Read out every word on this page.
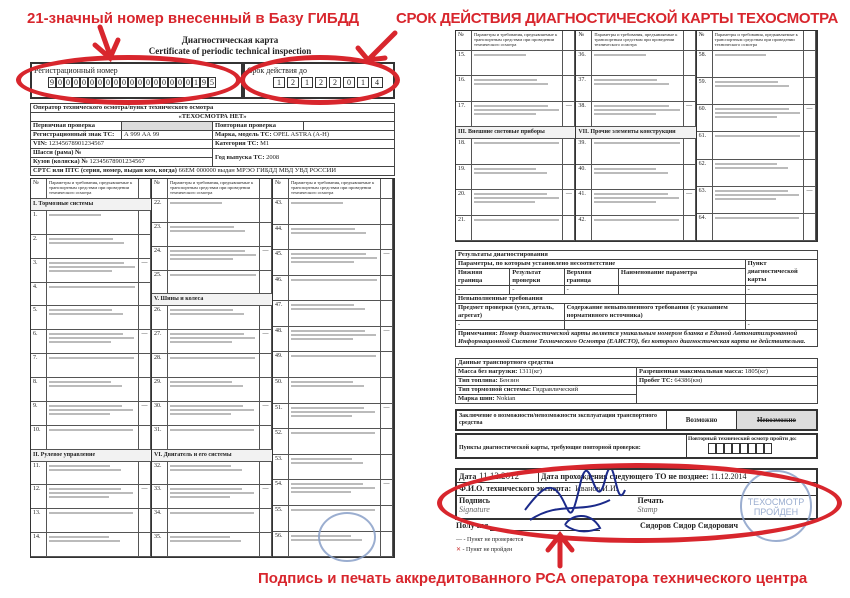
21-значный номер внесенный в Базу ГИБДД СРОК ДЕЙСТВИЯ ДИАГНОСТИЧЕСКОЙ КАРТЫ ТЕХОСМОТРА
Подпись и печать аккредитованного РСА оператора технического центра
Диагностическая карта
Certificate of periodic technical inspection
Регистрационный номер
9 0 0 0 0 0 0 0 0 0 0 0 0 0 0 0 0 0 1 9 5
Срок действия до
1	2	1	2	2	0	1	4
Оператор технического осмотра/пункт технического осмотра			
«ТЕХОСМОТРА НЕТ»			
Первичная проверка		Повторная проверка	
Регистрационный знак ТС:	А 999 АА 99	Марка, модель ТС: OPEL ASTRA (A-H)	
VIN: 12345678901234567		Категория ТС: M1	
Шасси (рама) №		Год выпуска ТС: 2008	
Кузов (коляска) № 12345678901234567			
СРТС или ПТС (серия, номер, выдан кем, когда) 66ЕМ 000000 выдан МРЭО ГИБДД МВД УВД РОССИИ			
№	Параметры и требования, предъявляемые к транспортным средствам при проведении технического осмотра
I. Тормозные системы
1.
2.
3.	—
4.
5.
6.	—
7.
8.
9.	—
10.
II. Рулевое управление
11.
12.	—
13.
14.
№	Параметры и требования, предъявляемые к транспортным средствам при проведении технического осмотра
22.
23.
24.	—
25.
V. Шины и колеса
26.
27.	—
28.
29.
30.	—
31.
VI. Двигатель и его системы
32.
33.	—
34.
35.
№	Параметры и требования, предъявляемые к транспортным средствам при проведении технического осмотра
43.
44.
45.	—
46.
47.
48.	—
49.
50.
51.	—
52.
53.
54.	—
55.
56.
№	Параметры и требования, предъявляемые к транспортным средствам при проведении технического осмотра
15.
16.
17.	—
III. Внешние световые приборы
18.
19.
20.	—
21.
№	Параметры и требования, предъявляемые к транспортным средствам при проведении технического осмотра
36.
37.
38.	—
VII. Прочие элементы конструкции
39.
40.
41.	—
42.
№	Параметры и требования, предъявляемые к транспортным средствам при проведении технического осмотра
58.
59.
60.	—
61.
62.
63.	—
64.
Результаты диагностирования				
Параметры, по которым установлено несоответствие				Пункт диагностической карты
Нижняя граница	Результат проверки	Верхняя граница	Наименование параметра	
-	-	-		-
Невыполненные требования				
Предмет проверки (узел, деталь, агрегат)		Содержание невыполненного требования (с указанием нормативного источника)		
-				-
Примечания: Номер диагностической карты является уникальным номером бланка в Единой Автоматизированной Информационной Системе Технического Осмотра (ЕАИСТО), без которого диагностическая карта не действительна.				
Данные транспортного средства	
Масса без нагрузки: 1311(кг)	Разрешенная максимальная масса: 1805(кг)
Тип топлива: Бензин	Пробег ТС: 64386(км)
Тип тормозной системы: Гидравлический	
Марка шин: Nokian	
Заключение о возможности/невозможности эксплуатации транспортного средства	Возможно	Невозможно
Пункты диагностической карты, требующие повторной проверки:
Повторный технический осмотр пройти до:
Дата 11.12.2012	Дата прохождения следующего ТО не позднее: 11.12.2014
Ф.И.О. технического эксперта: Иванов И.И.
Подпись
Signature
Печать
Stamp
Получил	Сидоров Сидор Сидорович
— - Пункт не проверяется
✕ - Пункт не пройден
ТЕХОСМОТР ПРОЙДЕН
